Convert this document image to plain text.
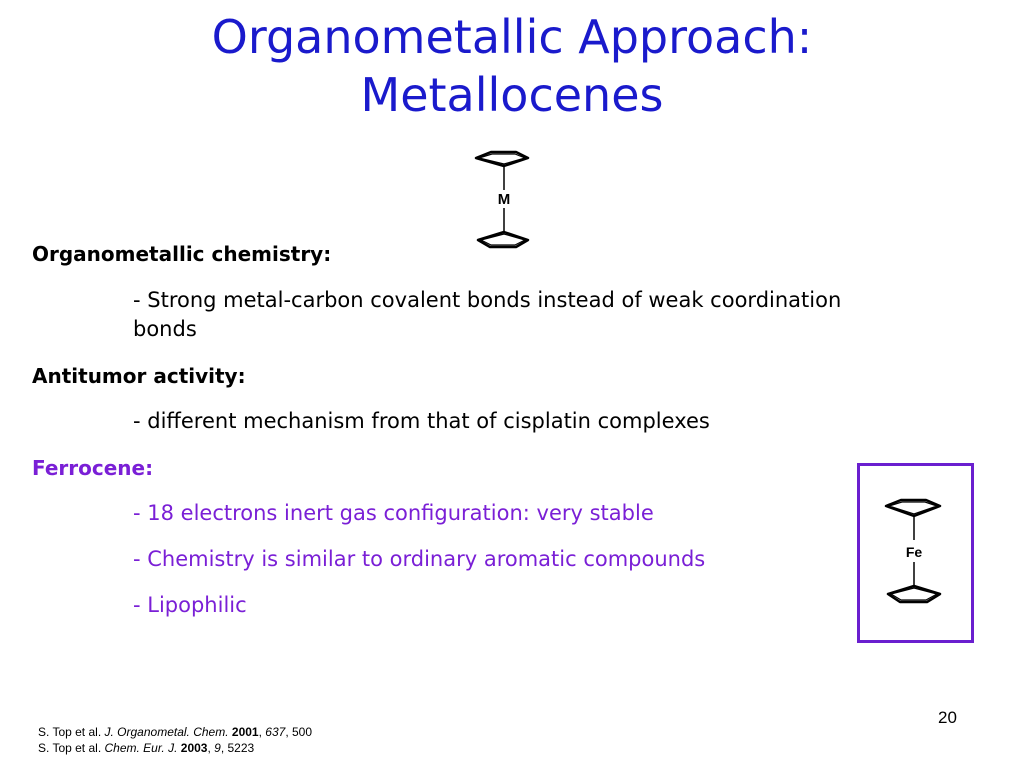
Organometallic Approach:
Metallocenes
M
Organometallic chemistry:
- Strong metal-carbon covalent bonds instead of weak coordination
bonds
Antitumor activity:
- different mechanism from that of cisplatin complexes
Ferrocene:
- 18 electrons inert gas configuration: very stable
- Chemistry is similar to ordinary aromatic compounds
- Lipophilic
Fe
S. Top et al. J. Organometal. Chem. 2001, 637, 500
S. Top et al. Chem. Eur. J. 2003, 9, 5223
20
